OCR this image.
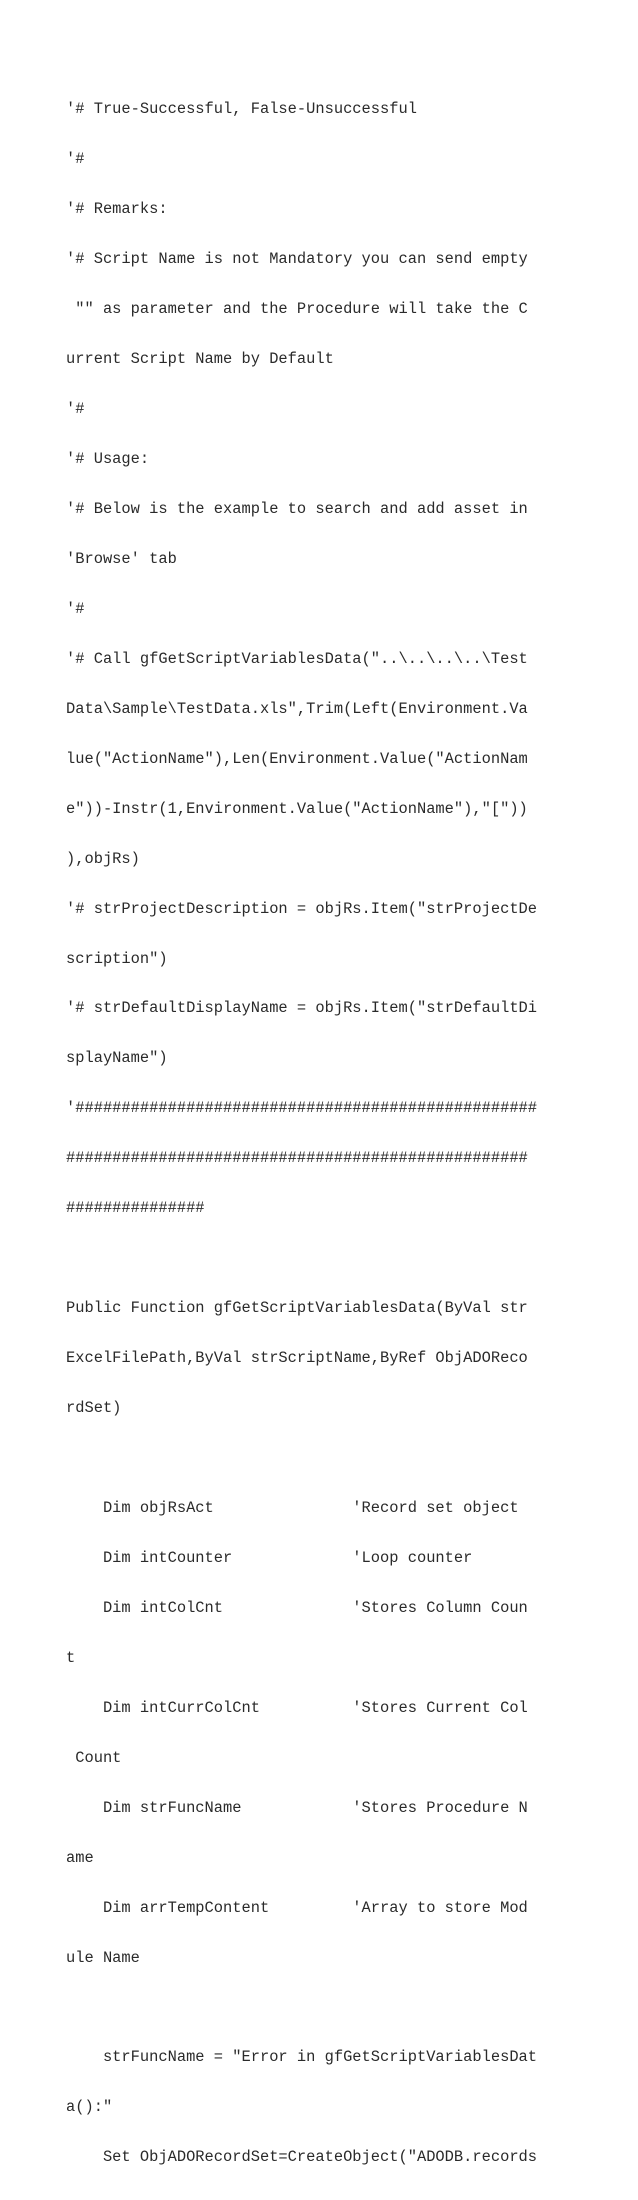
'# True-Successful, False-Unsuccessful

'#

'# Remarks:

'# Script Name is not Mandatory you can send empty

"" as parameter and the Procedure will take the C

urrent Script Name by Default

'#

'# Usage:

'# Below is the example to search and add asset in

'Browse' tab

'#

'# Call gfGetScriptVariablesData("..\..\..\..\Test

Data\Sample\TestData.xls",Trim(Left(Environment.Va

lue("ActionName"),Len(Environment.Value("ActionNam

e"))-Instr(1,Environment.Value("ActionName"),"["))

),objRs)

'# strProjectDescription = objRs.Item("strProjectDe

scription")

'# strDefaultDisplayName = objRs.Item("strDefaultDi

splayName")

'##################################################

##################################################

###############

Public Function gfGetScriptVariablesData(ByVal str

ExcelFilePath,ByVal strScriptName,ByRef ObjADOReco

rdSet)

Dim objRsAct               'Record set object

Dim intCounter             'Loop counter

Dim intColCnt              'Stores Column Coun

t

Dim intCurrColCnt          'Stores Current Col

Count

Dim strFuncName            'Stores Procedure N

ame

Dim arrTempContent         'Array to store Mod

ule Name

strFuncName = "Error in gfGetScriptVariablesDat

a():"

Set ObjADORecordSet=CreateObject("ADODB.records
